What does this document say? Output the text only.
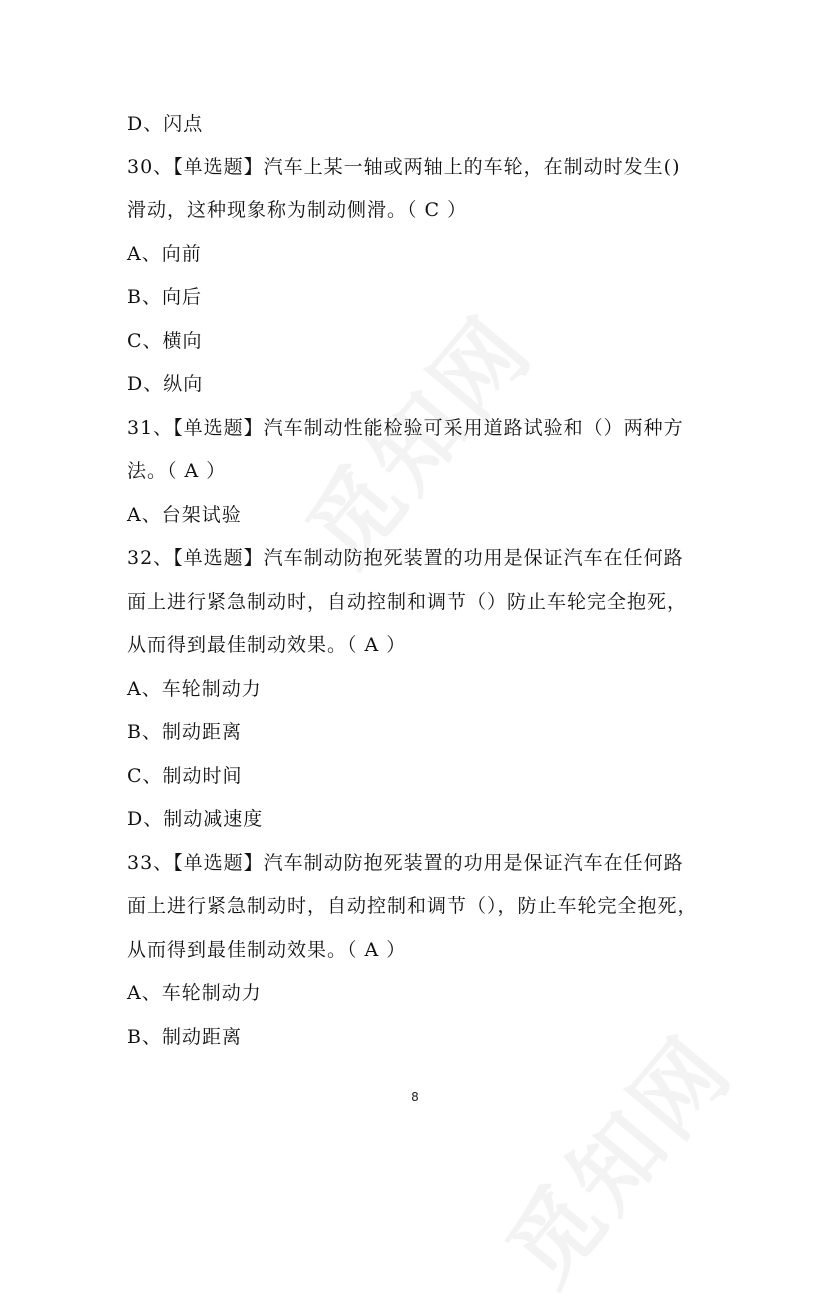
D、闪点
30、【单选题】汽车上某一轴或两轴上的车轮，在制动时发生()
滑动，这种现象称为制动侧滑。（ C ）
A、向前
B、向后
C、横向
D、纵向
31、【单选题】汽车制动性能检验可采用道路试验和（）两种方
法。（ A ）
A、台架试验
32、【单选题】汽车制动防抱死装置的功用是保证汽车在任何路
面上进行紧急制动时，自动控制和调节（）防止车轮完全抱死，
从而得到最佳制动效果。（ A ）
A、车轮制动力
B、制动距离
C、制动时间
D、制动减速度
33、【单选题】汽车制动防抱死装置的功用是保证汽车在任何路
面上进行紧急制动时，自动控制和调节（），防止车轮完全抱死，
从而得到最佳制动效果。（ A ）
A、车轮制动力
B、制动距离
8
